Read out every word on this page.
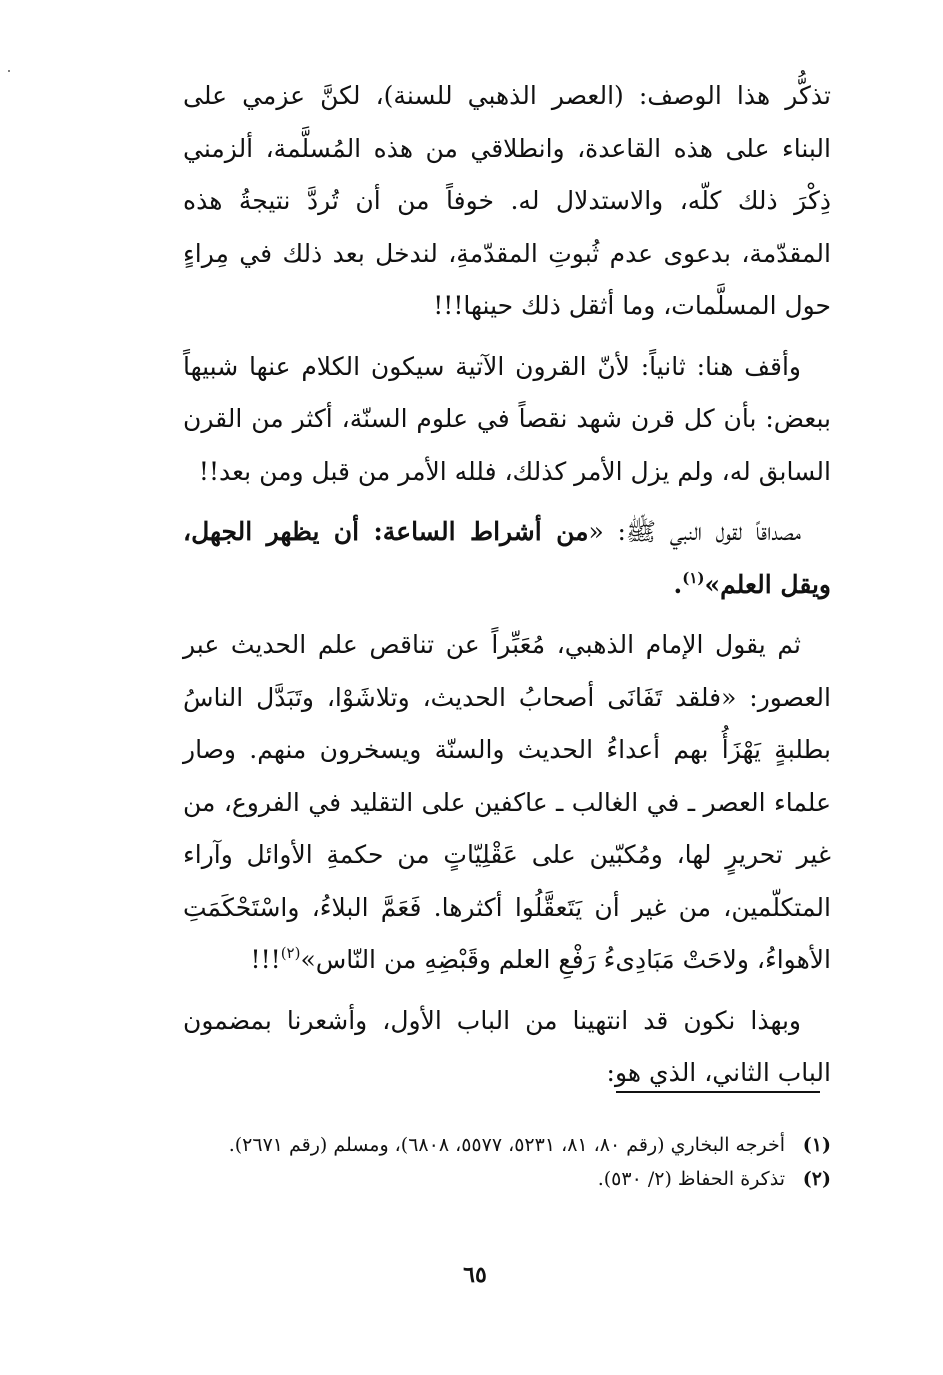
تذكُّر هذا الوصف: (العصر الذهبي للسنة)، لكنَّ عزمي على البناء على هذه القاعدة، وانطلاقي من هذه المُسلَّمة، ألزمني ذِكْرَ ذلك كلّه، والاستدلال له. خوفاً من أن تُردَّ نتيجةُ هذه المقدّمة، بدعوى عدم ثُبوتِ المقدّمةِ، لندخل بعد ذلك في مِراءٍ حول المسلَّمات، وما أثقل ذلك حينها!!!

وأقف هنا: ثانياً: لأنّ القرون الآتية سيكون الكلام عنها شبيهاً ببعض: بأن كل قرن شهد نقصاً في علوم السنّة، أكثر من القرن السابق له، ولم يزل الأمر كذلك، فلله الأمر من قبل ومن بعد!!

مصداقاً لقول النبي ﷺ: «من أشراط الساعة: أن يظهر الجهل، ويقل العلم»$^{(١)}$.

ثم يقول الإمام الذهبي، مُعَبِّراً عن تناقص علم الحديث عبر العصور: «فلقد تَفَانَى أصحابُ الحديث، وتلاشَوْا، وتَبَدَّل الناسُ بطلبةٍ يَهْزَأُ بهم أعداءُ الحديث والسنّة ويسخرون منهم. وصار علماء العصر ـ في الغالب ـ عاكفين على التقليد في الفروع، من غير تحريرٍ لها، ومُكبّين على عَقْلِيّاتٍ من حكمةِ الأوائل وآراء المتكلّمين، من غير أن يَتَعقَّلُوا أكثرها. فَعَمَّ البلاءُ، واسْتَحْكَمَتِ الأهواءُ، ولاحَتْ مَبَادِىءُ رَفْعِ العلم وقَبْضِهِ من النّاس»$^{(٢)}$!!!

وبهذا نكون قد انتهينا من الباب الأول، وأشعرنا بمضمون الباب الثاني، الذي هو:

(١)أخرجه البخاري (رقم ٨٠، ٨١، ٥٢٣١، ٥٥٧٧، ٦٨٠٨)، ومسلم (رقم ٢٦٧١).

(٢)تذكرة الحفاظ (٢/ ٥٣٠).

٦٥
